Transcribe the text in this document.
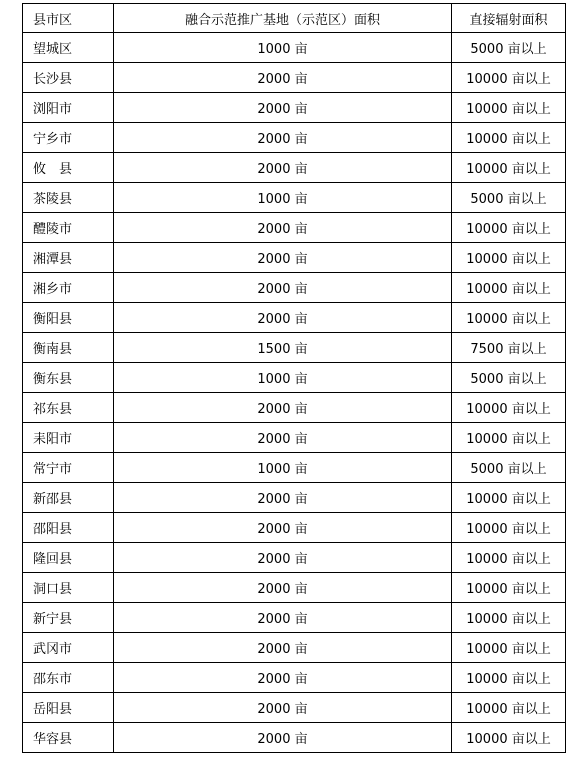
县市区	融合示范推广基地（示范区）面积	直接辐射面积
望城区	1000 亩	5000 亩以上
长沙县	2000 亩	10000 亩以上
浏阳市	2000 亩	10000 亩以上
宁乡市	2000 亩	10000 亩以上
攸　县	2000 亩	10000 亩以上
茶陵县	1000 亩	5000 亩以上
醴陵市	2000 亩	10000 亩以上
湘潭县	2000 亩	10000 亩以上
湘乡市	2000 亩	10000 亩以上
衡阳县	2000 亩	10000 亩以上
衡南县	1500 亩	7500 亩以上
衡东县	1000 亩	5000 亩以上
祁东县	2000 亩	10000 亩以上
耒阳市	2000 亩	10000 亩以上
常宁市	1000 亩	5000 亩以上
新邵县	2000 亩	10000 亩以上
邵阳县	2000 亩	10000 亩以上
隆回县	2000 亩	10000 亩以上
洞口县	2000 亩	10000 亩以上
新宁县	2000 亩	10000 亩以上
武冈市	2000 亩	10000 亩以上
邵东市	2000 亩	10000 亩以上
岳阳县	2000 亩	10000 亩以上
华容县	2000 亩	10000 亩以上
